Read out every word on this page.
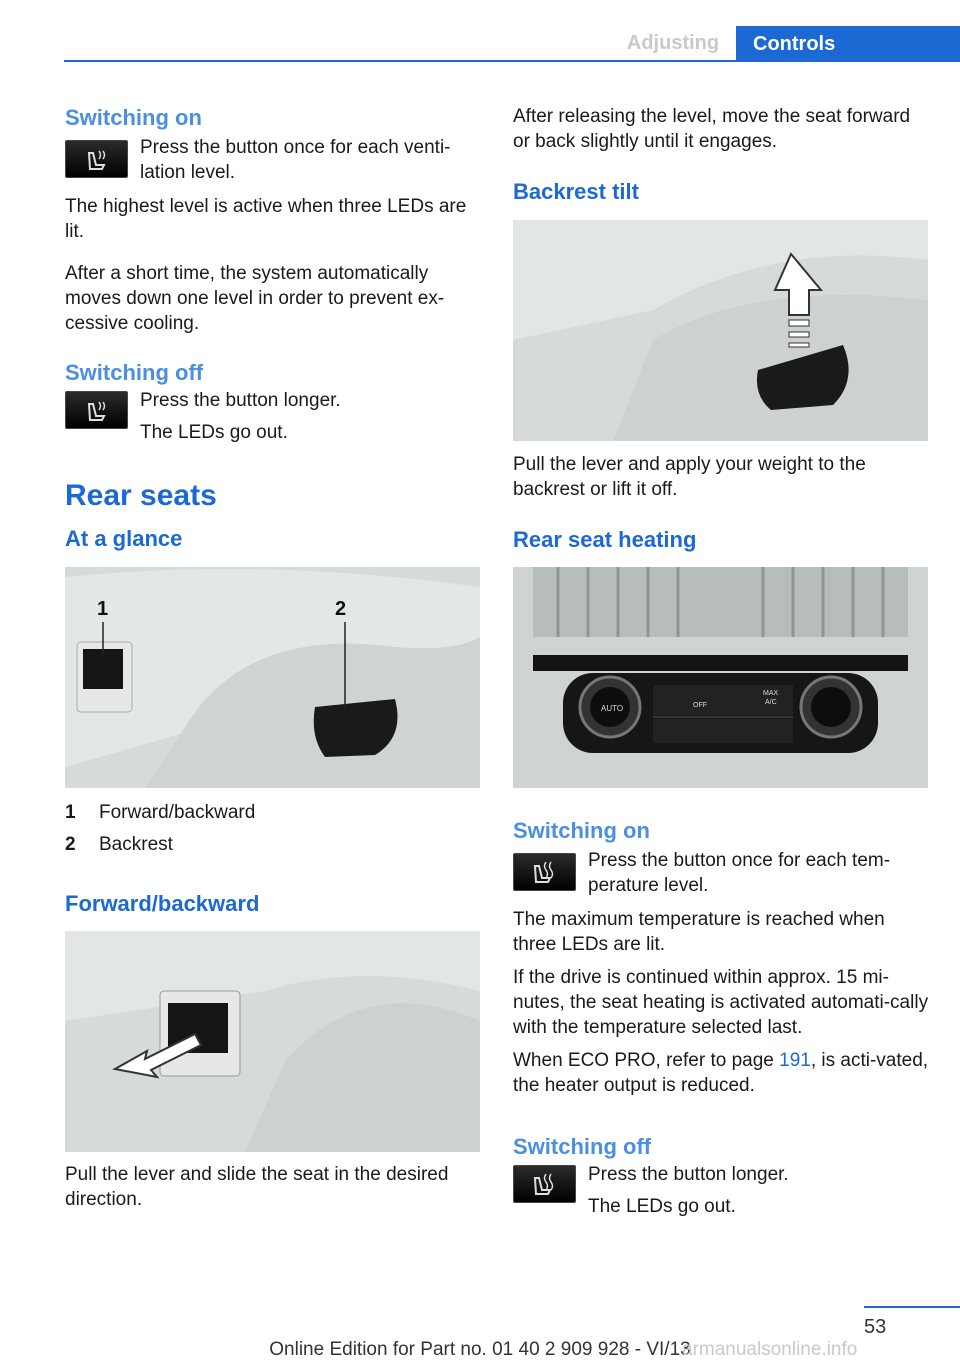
Adjusting	Controls

Switching on

Press the button once for each venti-lation level.

The highest level is active when three LEDs are lit.

After a short time, the system automatically moves down one level in order to prevent ex-cessive cooling.

Switching off

Press the button longer.

The LEDs go out.

Rear seats

At a glance

1	2
1	Forward/backward
2	Backrest

Forward/backward

Pull the lever and slide the seat in the desired direction.

After releasing the level, move the seat forward or back slightly until it engages.

Backrest tilt

Pull the lever and apply your weight to the backrest or lift it off.

Rear seat heating

AUTO	OFF
MAX
A/C

Switching on

Press the button once for each tem-perature level.

The maximum temperature is reached when three LEDs are lit.

If the drive is continued within approx. 15 mi-nutes, the seat heating is activated automati-cally with the temperature selected last.

When ECO PRO, refer to page 191, is acti-vated, the heater output is reduced.

Switching off

Press the button longer.

The LEDs go out.

53
Online Edition for Part no. 01 40 2 909 928 - VI/13
armanualsonline.info
